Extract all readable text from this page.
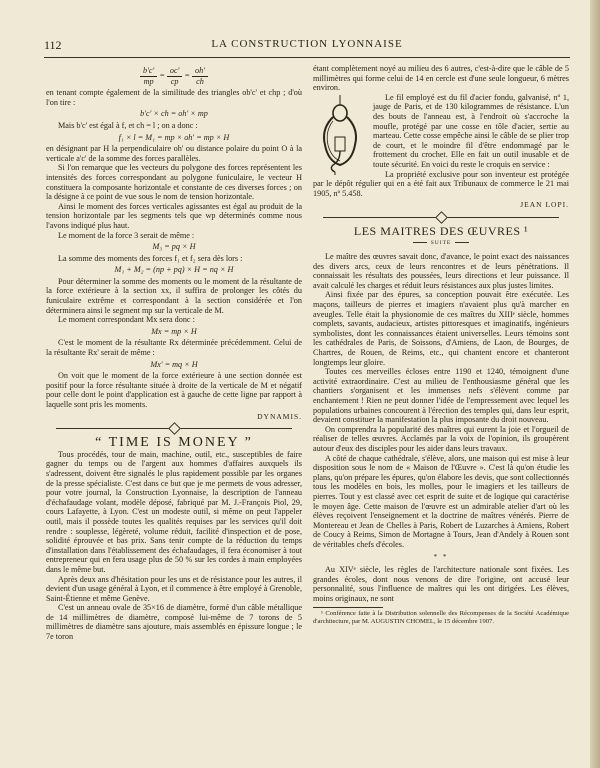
112	LA CONSTRUCTION LYONNAISE
$\frac{b'c'}{mp} = \frac{oc'}{cp} = \frac{oh'}{ch}$

en tenant compte également de la similitude des triangles ob'c' et chp ; d'où l'on tire :

b'c' × ch = oh' × mp

Mais b'c' est égal à f, et ch = l ; on a donc :

f₁ × l = M₁ = mp × oh' = mp × H

en désignant par H la perpendiculaire oh' ou distance polaire du point O à la verticale a'c' de la somme des forces parallèles.

Si l'on remarque que les vecteurs du polygone des forces représentent les intensités des forces correspondant au polygone funiculaire, le vecteur H constituera la composante horizontale et constante de ces diverses forces ; on la désigne à ce point de vue sous le nom de tension horizontale.

Ainsi le moment des forces verticales agissantes est égal au produit de la tension horizontale par les segments tels que wp déterminés comme nous l'avons indiqué plus haut.

Le moment de la force 3 serait de même :

M₃ = pq × H

La somme des moments des forces f₁ et f₂ sera dès lors :

M₁ + M₂ = (np + pq) × H = nq × H

Pour déterminer la somme des moments ou le moment de la résultante de la force extérieure à la section xx, il suffira de prolonger les côtés du funiculaire extrême et correspondant à la section considérée et l'on déterminera ainsi le segment mp sur la verticale de M.

Le moment correspondant Mx sera donc :

Mx = mp × H

C'est le moment de la résultante Rx déterminée précédemment. Celui de la résultante Rx' serait de même :

Mx' = mq × H

On voit que le moment de la force extérieure à une section donnée est positif pour la force résultante située à droite de la verticale de M et négatif pour celle dont le point d'application est à gauche de cette ligne par rapport à laquelle sont pris les moments.

DYNAMIS.
“ TIME IS MONEY ”

Tous procédés, tour de main, machine, outil, etc., susceptibles de faire gagner du temps ou de l'argent aux hommes d'affaires auxquels ils s'adressent, doivent être signalés le plus rapidement possible par les organes de la presse spécialiste. C'est dans ce but que je me permets de vous adresser, pour votre journal, la Construction Lyonnaise, la description de l'anneau d'échafaudage volant, modèle déposé, fabriqué par M. J.-François Piol, 29, cours Lafayette, à Lyon. C'est un modeste outil, si même on peut l'appeler outil, mais il possède toutes les qualités requises par les services qu'il doit rendre : souplesse, légèreté, volume réduit, facilité d'inspection et de pose, solidité éprouvée et bas prix. Sans tenir compte de la réduction du temps d'installation dans l'établissement des échafaudages, il fera économiser à tout entrepreneur qui en fera usage plus de 50 % sur les cordes à main employées dans le même but.

Après deux ans d'hésitation pour les uns et de résistance pour les autres, il devient d'un usage général à Lyon, et il commence à être employé à Grenoble, Saint-Étienne et même Genève.

C'est un anneau ovale de 35×16 de diamètre, formé d'un câble métallique de 14 millimètres de diamètre, composé lui-même de 7 torons de 5 millimètres de diamètre sans ajouture, mais assemblés en épissure longue ; le 7e toron

étant complètement noyé au milieu des 6 autres, c'est-à-dire que le câble de 5 millimètres qui forme celui de 14 en cercle est d'une seule longueur, 6 mètres environ.

Le fil employé est du fil d'acier fondu, galvanisé, nº 1, jauge de Paris, et de 130 kilogrammes de résistance. L'un des bouts de l'anneau est, à l'endroit où s'accroche la moufle, protégé par une cosse en tôle d'acier, sertie au marteau. Cette cosse empêche ainsi le câble de se plier trop de court, et le moindre fil d'être endommagé par le frottement du crochet. Elle en fait un outil inusable et de toute sécurité. En voici du reste le croquis en service :

La propriété exclusive pour son inventeur est protégée par le dépôt régulier qui en a été fait aux Tribunaux de commerce le 21 mai 1905, nº 5.458.

JEAN LOPI.
LES MAITRES DES ŒUVRES ¹
SUITE

Le maître des œuvres savait donc, d'avance, le point exact des naissances des divers arcs, ceux de leurs rencontres et de leurs pénétrations. Il connaissait les résultats des poussées, leurs directions et leur puissance. Il avait calculé les charges et réduit leurs résistances aux plus justes limites.

Ainsi fixée par des épures, sa conception pouvait être exécutée. Les maçons, tailleurs de pierres et imagiers n'avaient plus qu'à marcher en aveugles. Telle était la physionomie de ces maîtres du XIIIᵉ siècle, hommes complets, savants, audacieux, artistes pittoresques et imaginatifs, ingénieurs symbolistes, dont les connaissances étaient universelles. Leurs témoins sont les cathédrales de Paris, de Soissons, d'Amiens, de Laon, de Bourges, de Chartres, de Rouen, de Reims, etc., qui chantent encore et chanteront longtemps leur gloire.

Toutes ces merveilles écloses entre 1190 et 1240, témoignent d'une activité extraordinaire. C'est au milieu de l'enthousiasme général que les chantiers s'organisent et les immenses nefs s'élèvent comme par enchantement ! Rien ne peut donner l'idée de l'empressement avec lequel les populations urbaines concourent à l'érection des temples qui, dans leur esprit, devaient constituer la manifestation la plus imposante du droit nouveau.

On comprendra la popularité des maîtres qui eurent la joie et l'orgueil de réaliser de telles œuvres. Acclamés par la voix de l'opinion, ils groupèrent autour d'eux des disciples pour les aider dans leurs travaux.

A côté de chaque cathédrale, s'élève, alors, une maison qui est mise à leur disposition sous le nom de « Maison de l'Œuvre ». C'est là qu'on étudie les plans, qu'on prépare les épures, qu'on élabore les devis, que sont collectionnés tous les modèles en bois, les molles, pour le imagiers et les tailleurs de pierres. Tout y est classé avec cet esprit de suite et de logique qui caractérise le moyen âge. Cette maison de l'œuvre est un admirable atelier d'art où les élèves reçoivent l'enseignement et la doctrine de maîtres vénérés. Pierre de Montereau et Jean de Chelles à Paris, Robert de Luzarches à Amiens, Robert de Coucy à Reims, Simon de Mortagne à Tours, Jean d'Andely à Rouen sont de véritables chefs d'écoles.

* *

Au XIVᵉ siècle, les règles de l'architecture nationale sont fixées. Les grandes écoles, dont nous venons de dire l'origine, ont accusé leur personnalité, sous l'influence de maîtres qui les ont dirigées. Les élèves, moins originaux, ne sont

¹ Conférence faite à la Distribution solennelle des Récompenses de la Société Académique d'architecture, par M. AUGUSTIN CHOMEL, le 15 décembre 1907.
